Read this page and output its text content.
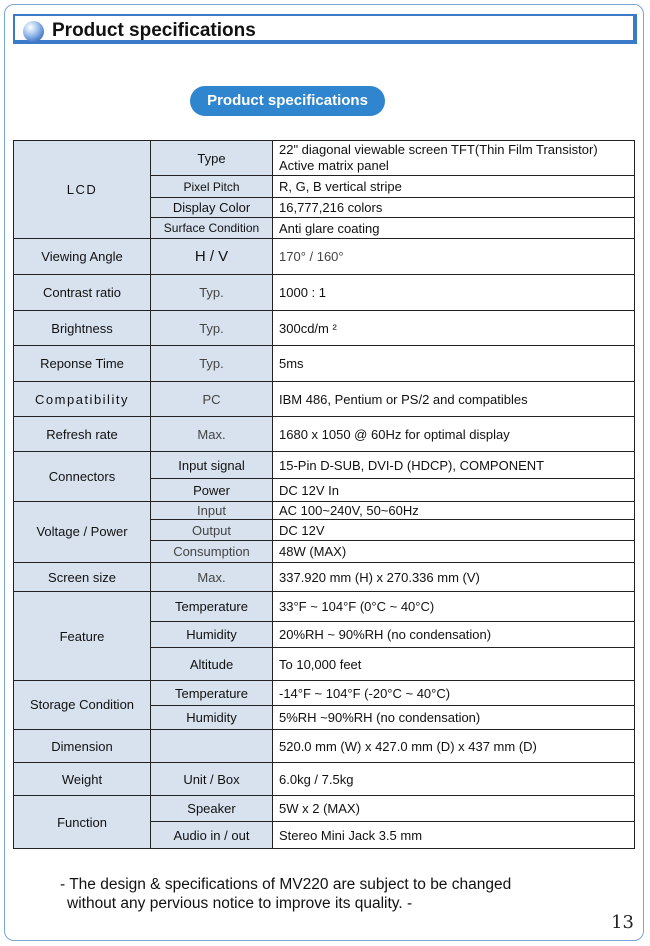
Product specifications
Product specifications
LCD	Type	22" diagonal viewable screen TFT(Thin Film Transistor) Active matrix panel
	Pixel Pitch	R, G, B vertical stripe
	Display Color	16,777,216 colors
	Surface Condition	Anti glare coating
Viewing Angle	H / V	170° / 160°
Contrast ratio	Typ.	1000 : 1
Brightness	Typ.	300cd/m ²
Reponse Time	Typ.	5ms
Compatibility	PC	IBM 486, Pentium or PS/2 and compatibles
Refresh rate	Max.	1680 x 1050 @ 60Hz for optimal display
Connectors	Input signal	15-Pin D-SUB, DVI-D (HDCP), COMPONENT
	Power	DC 12V In
Voltage / Power	Input	AC 100~240V, 50~60Hz
	Output	DC 12V
	Consumption	48W (MAX)
Screen size	Max.	337.920 mm (H) x 270.336 mm (V)
Feature	Temperature	33°F ~ 104°F (0°C ~ 40°C)
	Humidity	20%RH ~ 90%RH (no condensation)
	Altitude	To 10,000 feet
Storage Condition	Temperature	-14°F ~ 104°F (-20°C ~ 40°C)
	Humidity	5%RH ~90%RH (no condensation)
Dimension		520.0 mm (W) x 427.0 mm (D) x 437 mm (D)
Weight	Unit / Box	6.0kg / 7.5kg
Function	Speaker	5W x 2 (MAX)
	Audio in / out	Stereo Mini Jack 3.5 mm
- The design & specifications of MV220 are subject to be changed
without any pervious notice to improve its quality. -
13
